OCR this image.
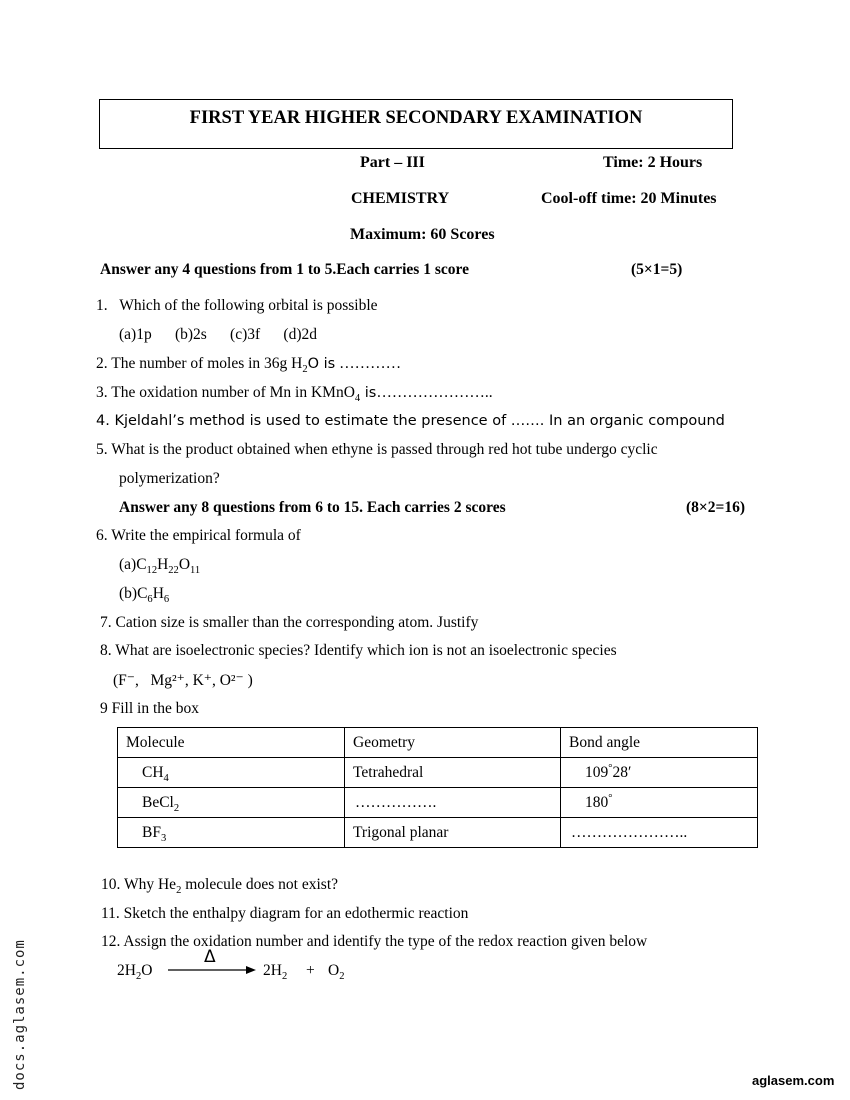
FIRST YEAR HIGHER SECONDARY EXAMINATION
Part – III	Time: 2 Hours
CHEMISTRY	Cool-off time: 20 Minutes
Maximum: 60 Scores
Answer any 4 questions from 1 to 5.Each carries 1 score	(5×1=5)
1. Which of the following orbital is possible
(a)1p      (b)2s      (c)3f      (d)2d
2. The number of moles in 36g $H_2O$ is …………
3. The oxidation number of Mn in KMnO$_4$ is…………………..
4. Kjeldahl’s method is used to estimate the presence of ……. In an organic compound
5. What is the product obtained when ethyne is passed through red hot tube undergo cyclic
polymerization?
Answer any 8 questions from 6 to 15. Each carries 2 scores	(8×2=16)
6. Write the empirical formula of
$(a)C_{12}H_{22}O_{11}$
$(b)C_6H_6$
7. Cation size is smaller than the corresponding atom. Justify
8. What are isoelectronic species? Identify which ion is not an isoelectronic species
(F⁻,   Mg²⁺, K⁺, O²⁻ )
9 Fill in the box
Molecule	Geometry	Bond angle
$CH_4$	Tetrahedral	109°28′
BeCl$_2$	…………….	180°
$BF_3$	Trigonal planar	…………………..
10. Why $He_2$ molecule does not exist?
11. Sketch the enthalpy diagram for an edothermic reaction
12. Assign the oxidation number and identify the type of the redox reaction given below
$2H_2O$
Δ
$2H_2 + O_2$
docs.aglasem.com	aglasem.com
